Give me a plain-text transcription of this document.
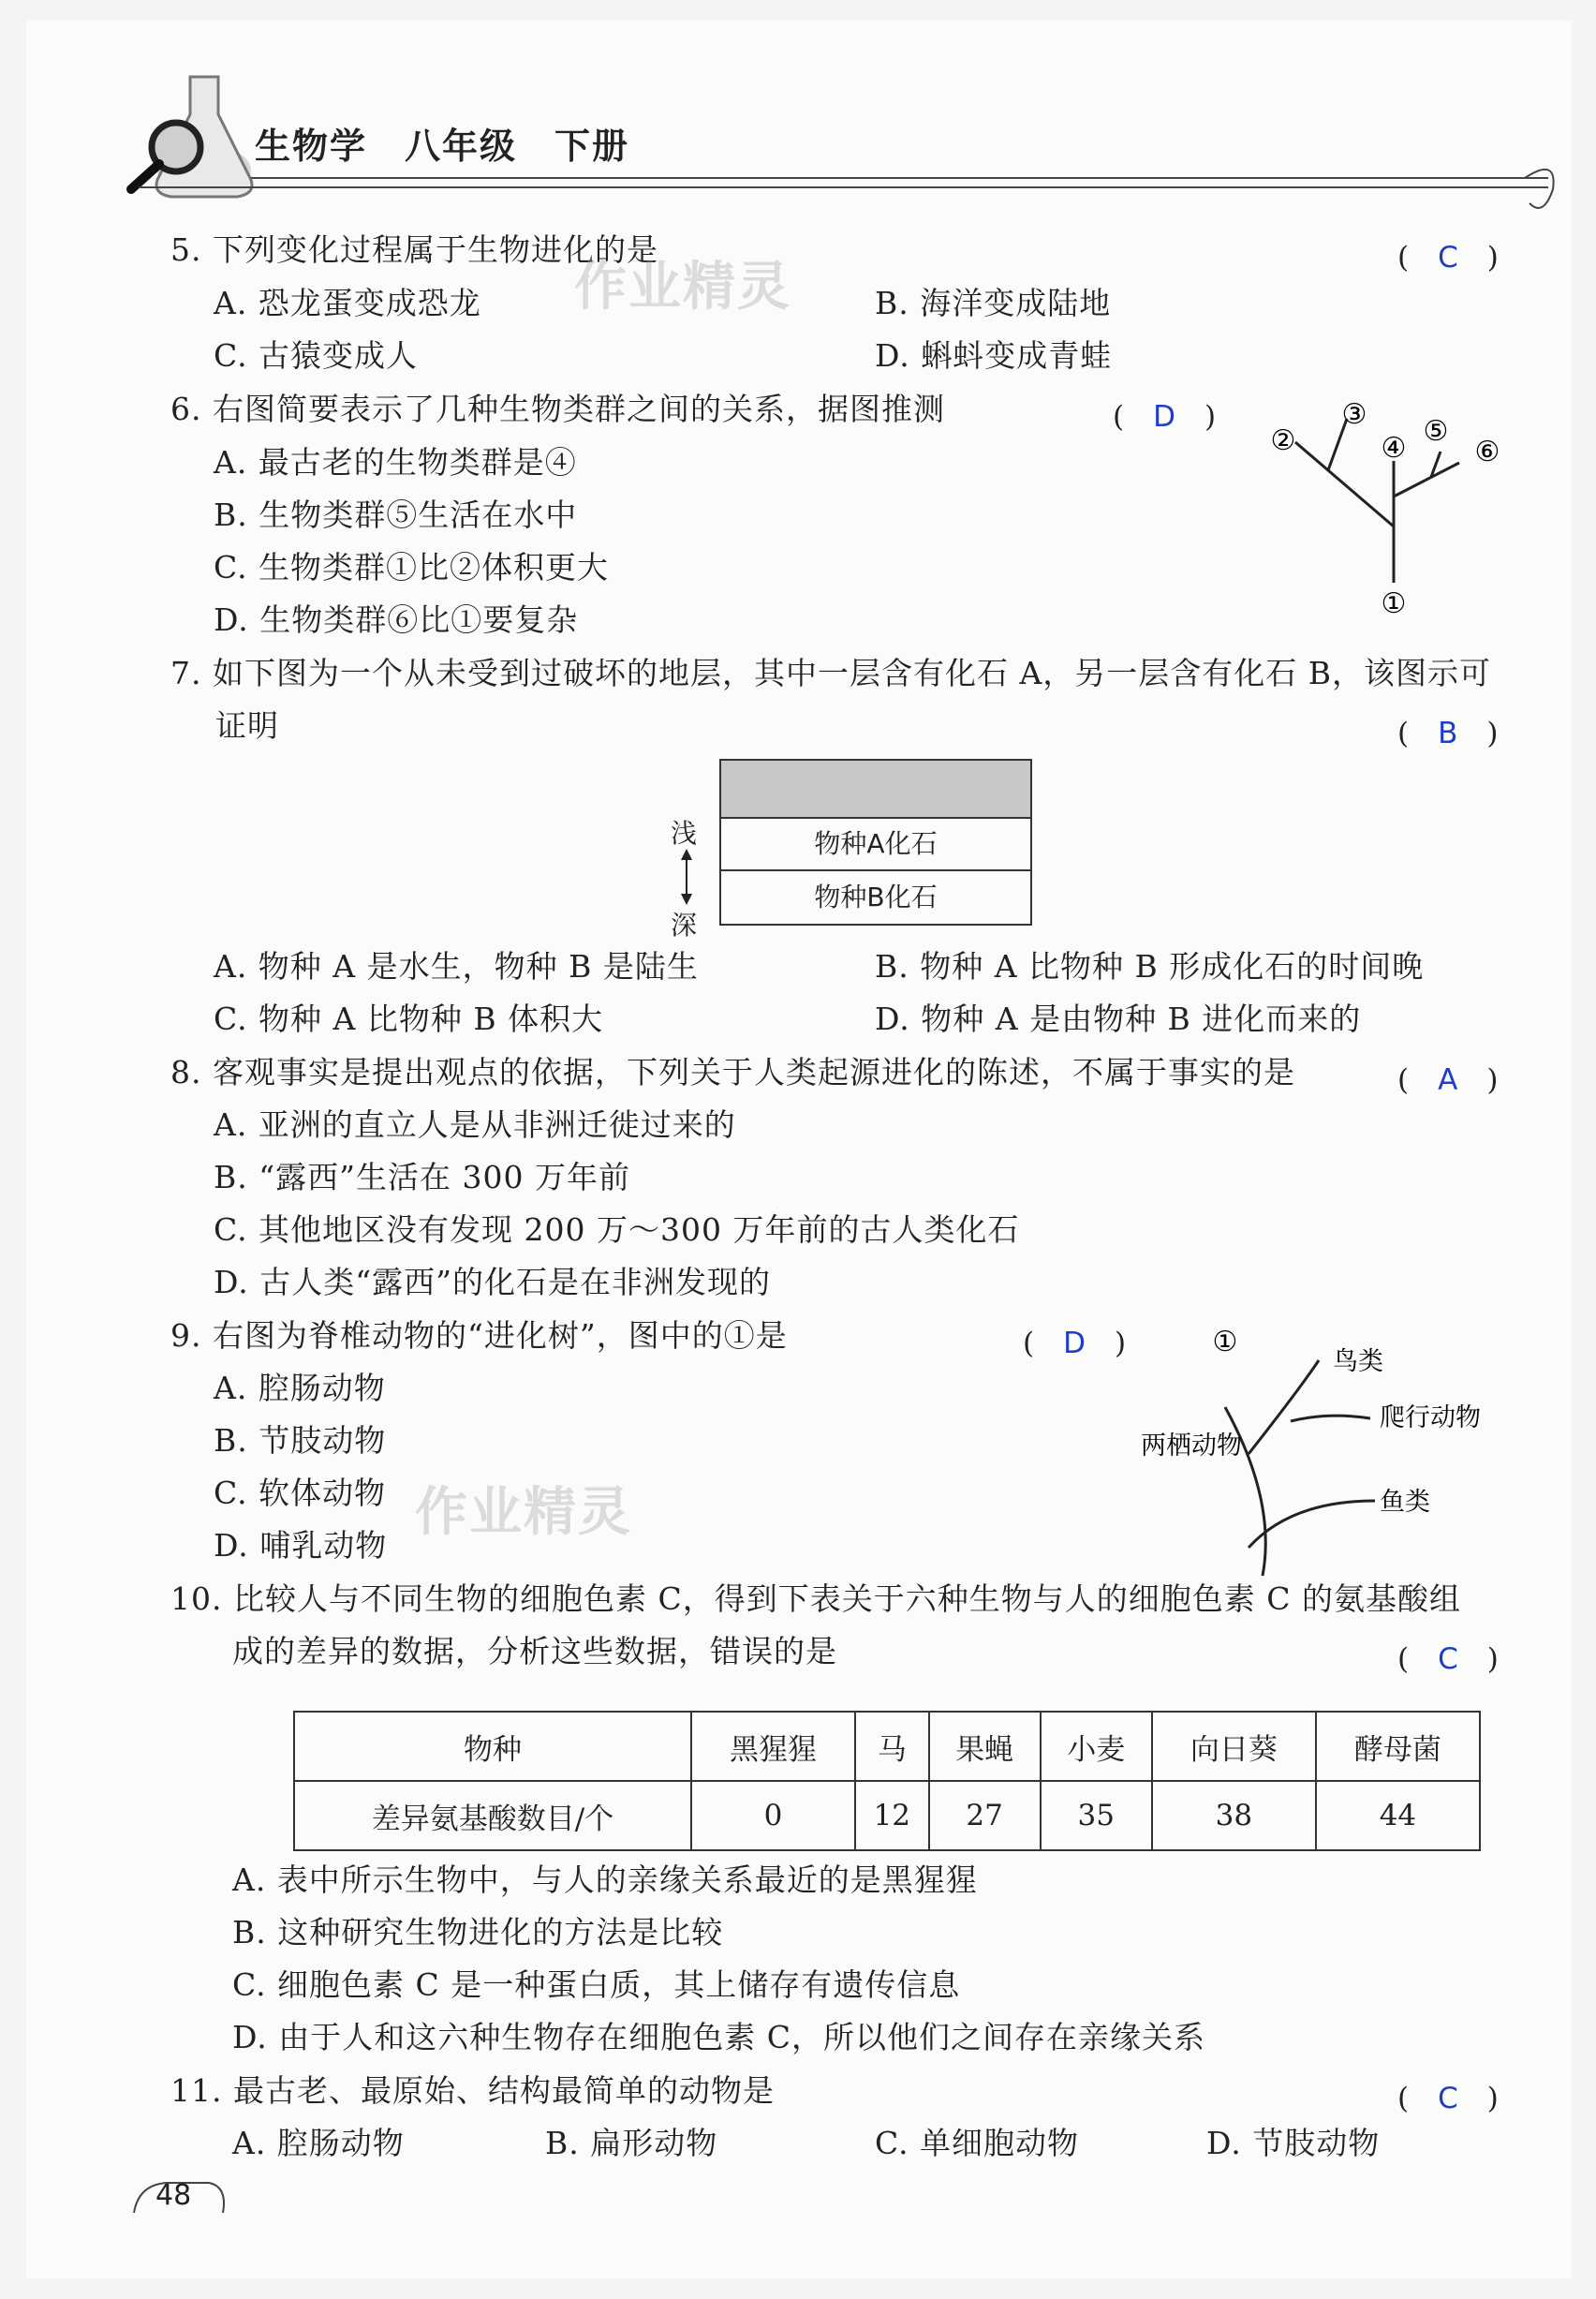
生物学　八年级　下册
5. 下列变化过程属于生物进化的是	(　C　)
作业精灵
A. 恐龙蛋变成恐龙	B. 海洋变成陆地
C. 古猿变成人	D. 蝌蚪变成青蛙
6. 右图简要表示了几种生物类群之间的关系，据图推测	(　D　)
A. 最古老的生物类群是④
B. 生物类群⑤生活在水中
C. 生物类群①比②体积更大
D. 生物类群⑥比①要复杂	①
②
③
④
⑤
⑥
7. 如下图为一个从未受到过破坏的地层，其中一层含有化石 A，另一层含有化石 B，该图示可
证明	(　B　)
物种A化石
物种B化石
浅
深
A. 物种 A 是水生，物种 B 是陆生	B. 物种 A 比物种 B 形成化石的时间晚
C. 物种 A 比物种 B 体积大	D. 物种 A 是由物种 B 进化而来的
8. 客观事实是提出观点的依据，下列关于人类起源进化的陈述，不属于事实的是	(　A　)
A. 亚洲的直立人是从非洲迁徙过来的
B. “露西”生活在 300 万年前
C. 其他地区没有发现 200 万～300 万年前的古人类化石
D. 古人类“露西”的化石是在非洲发现的
9. 右图为脊椎动物的“进化树”，图中的①是	(　D　)
A. 腔肠动物
B. 节肢动物
C. 软体动物
D. 哺乳动物
作业精灵
①
鸟类
爬行动物
两栖动物
鱼类
10. 比较人与不同生物的细胞色素 C，得到下表关于六种生物与人的细胞色素 C 的氨基酸组
成的差异的数据，分析这些数据，错误的是	(　C　)
物种	黑猩猩	马	果蝇	小麦	向日葵	酵母菌
差异氨基酸数目/个	0	12	27	35	38	44
A. 表中所示生物中，与人的亲缘关系最近的是黑猩猩
B. 这种研究生物进化的方法是比较
C. 细胞色素 C 是一种蛋白质，其上储存有遗传信息
D. 由于人和这六种生物存在细胞色素 C，所以他们之间存在亲缘关系
11. 最古老、最原始、结构最简单的动物是	(　C　)
A. 腔肠动物	B. 扁形动物	C. 单细胞动物	D. 节肢动物
48
